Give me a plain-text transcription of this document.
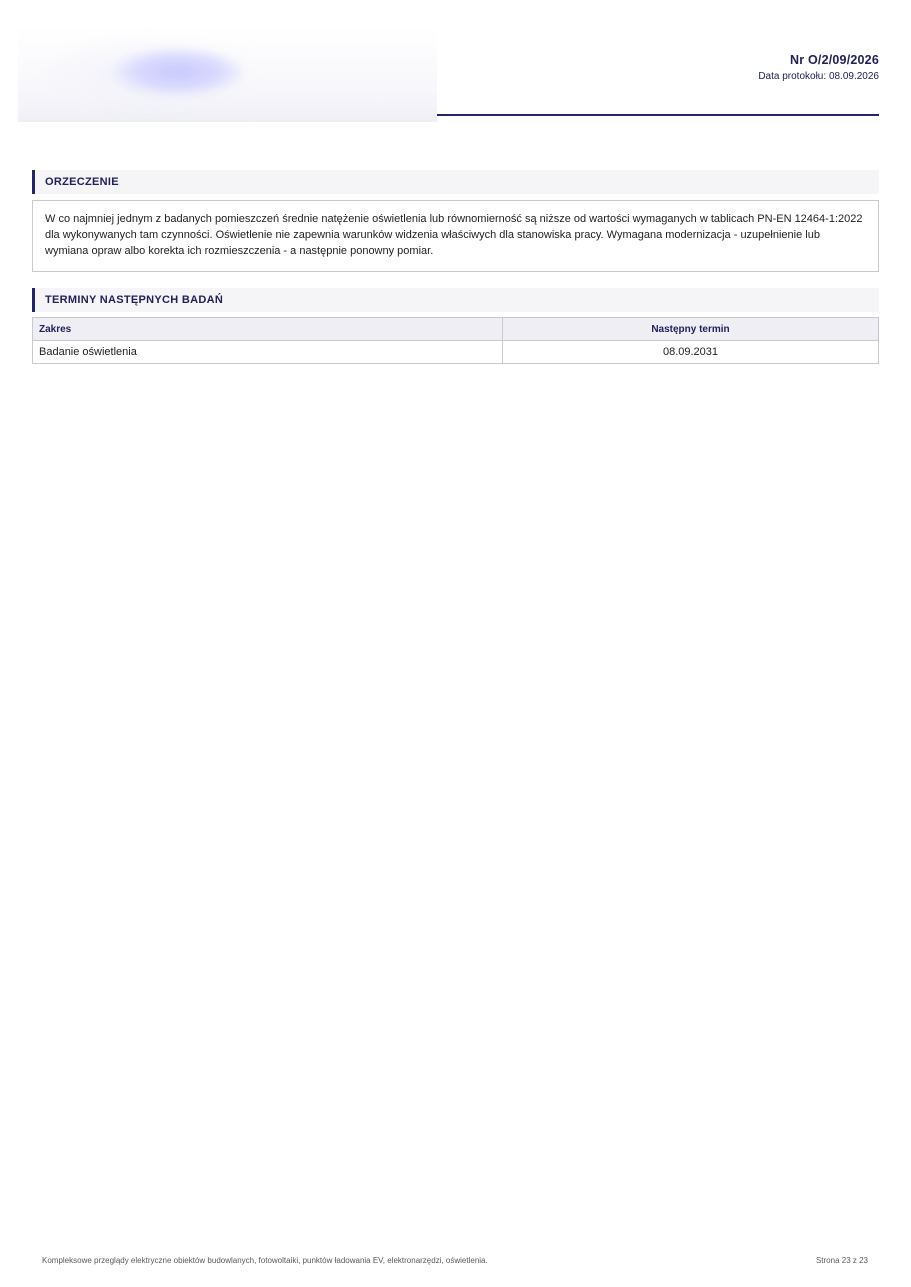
Nr O/2/09/2026
Data protokołu: 08.09.2026
ORZECZENIE
W co najmniej jednym z badanych pomieszczeń średnie natężenie oświetlenia lub równomierność są niższe od wartości wymaganych w tablicach PN-EN 12464-1:2022 dla wykonywanych tam czynności. Oświetlenie nie zapewnia warunków widzenia właściwych dla stanowiska pracy. Wymagana modernizacja - uzupełnienie lub wymiana opraw albo korekta ich rozmieszczenia - a następnie ponowny pomiar.
TERMINY NASTĘPNYCH BADAŃ
Zakres	Następny termin
Badanie oświetlenia	08.09.2031
Kompleksowe przeglądy elektryczne obiektów budowlanych, fotowoltaiki, punktów ładowania EV, elektronarzędzi, oświetlenia.	Strona 23 z 23
